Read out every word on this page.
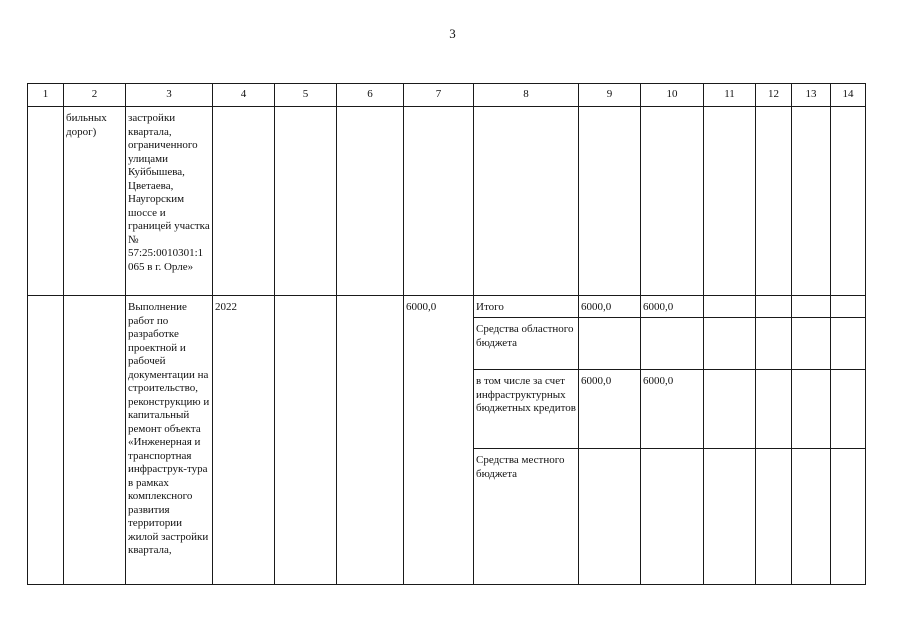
3
1	2	3	4	5	6	7	8	9	10	11	12	13	14
	бильных дорог)	застройки квартала, ограниченного улицами Куйбышева, Цветаева, Наугорским шоссе и границей участка № 57:25:0010301:1 065 в г. Орле»											
		Выполнение работ по разработке проектной и рабочей документации на строительство, реконструкцию и капитальный ремонт объекта «Инженерная и транспортная инфраструк-тура в рамках комплексного развития территории жилой застройки квартала,	2022			6000,0	Итого	6000,0	6000,0				
							Средства областного бюджета						
							в том числе за счет инфраструктурных бюджетных кредитов	6000,0	6000,0				
							Средства местного бюджета						
